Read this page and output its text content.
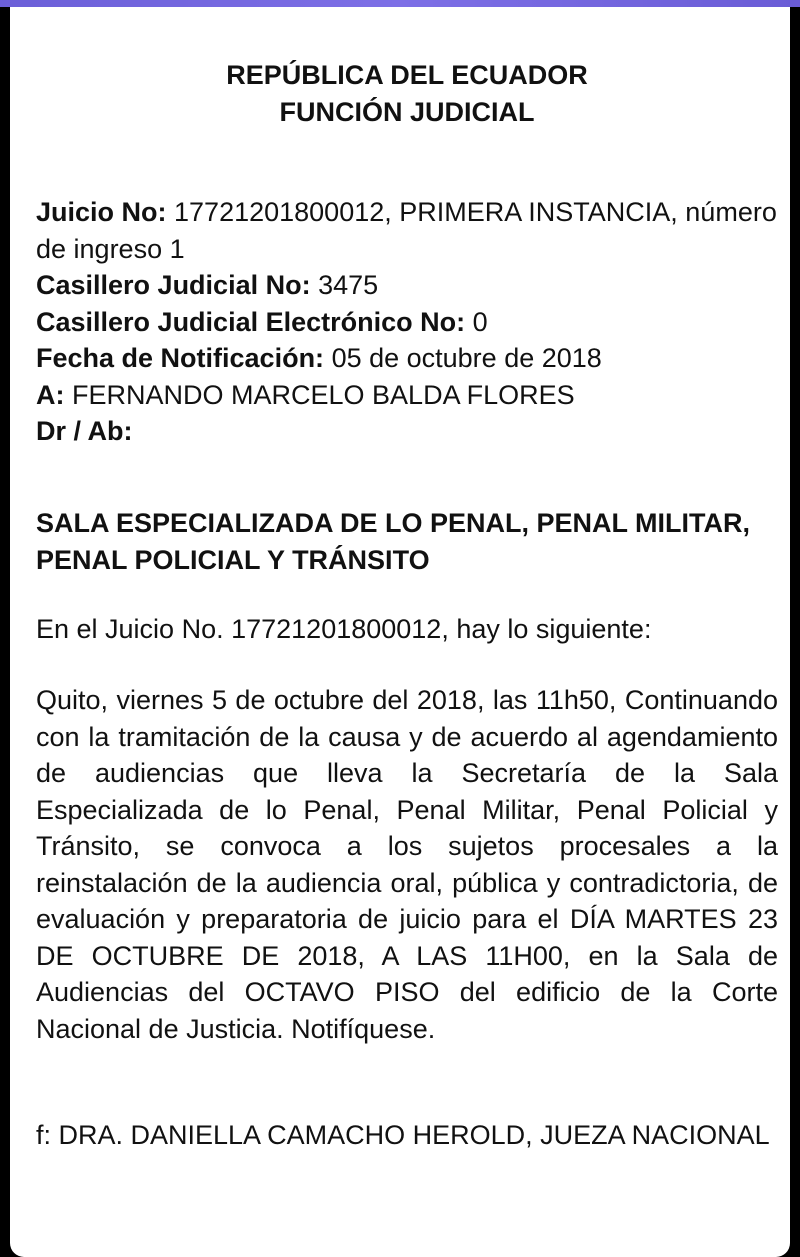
REPÚBLICA DEL ECUADOR
FUNCIÓN JUDICIAL

Juicio No: 17721201800012, PRIMERA INSTANCIA, número de ingreso 1

Casillero Judicial No: 3475

Casillero Judicial Electrónico No: 0

Fecha de Notificación: 05 de octubre de 2018

A: FERNANDO MARCELO BALDA FLORES

Dr / Ab:

SALA ESPECIALIZADA DE LO PENAL, PENAL MILITAR, PENAL POLICIAL Y TRÁNSITO
En el Juicio No. 17721201800012, hay lo siguiente:
Quito, viernes 5 de octubre del 2018, las 11h50, Continuando con la tramitación de la causa y de acuerdo al agendamiento de audiencias que lleva la Secretaría de la Sala Especializada de lo Penal, Penal Militar, Penal Policial y Tránsito, se convoca a los sujetos procesales a la reinstalación de la audiencia oral, pública y contradictoria, de evaluación y preparatoria de juicio para el DÍA MARTES 23 DE OCTUBRE DE 2018, A LAS 11H00, en la Sala de Audiencias del OCTAVO PISO del edificio de la Corte Nacional de Justicia. Notifíquese.
f: DRA. DANIELLA CAMACHO HEROLD, JUEZA NACIONAL
